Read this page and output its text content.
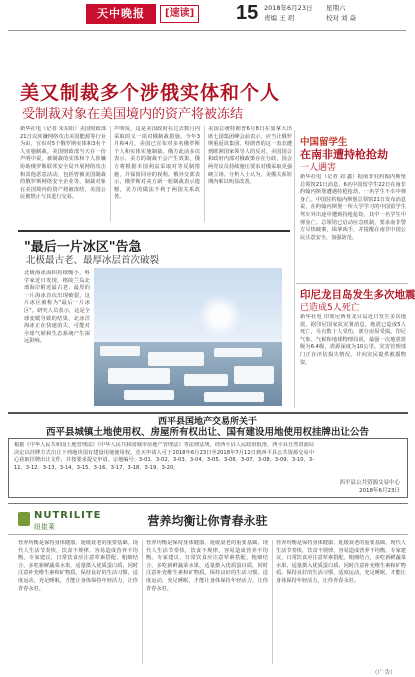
天中晚报	[速读] 15 2018年6月23日 星期六
责编 王 玥	校对 刘 焱
美又制裁多个涉俄实体和个人
受制裁对象在美国境内的资产将被冻结
新华社电（记者 朱东阳）美国财政部21日以涉嫌网络攻击美国能源等行业为由，宣布对5个俄罗斯实体和3名个人实施制裁。美国财政部当天在一份声明中说，被制裁的实体和个人涉嫌协助俄罗斯联邦安全局开展网络攻击和其他恶意活动，包括曾被美国制裁的俄罗斯网络安全企业等，制裁对象在美国境内的资产将被冻结，美国公民被禁止与其进行交易。
声明说，这是美国政府在过去数月内采取的又一项对俄制裁措施。今年3月和4月，美国已宣布对多名俄罗斯个人和实体实施制裁。俄方此前多次表示，美方的制裁不会产生效果，俄方将根据本国利益采取对等反制措施，并保留回应的权利。俄外交部表示，俄罗斯对美方新一轮制裁表示遗憾，美方的做法不利于两国关系改善。
美国总统特朗普6月8日在加拿大出席七国集团峰会前表示，应当让俄罗斯重返该集团。特朗普的这一表态遭到欧洲国家领导人的反对。美国国会和政府内部对俄政策存在分歧，国会两党议员持续施压要求对俄采取更强硬立场。分析人士认为，美俄关系短期内难以明显改善。
中国留学生
在南非遭持枪抢劫
一人遇害
新华社电（记者 刘 鑫）据南非驻约翰内斯堡总领馆21日消息，6名中国留学生22日在南非约翰内斯堡遭遇持枪抢劫，一名学生不幸中弹身亡。中国驻约翰内斯堡总领馆21日发布消息说，在约翰内斯堡一所大学学习的中国留学生驾车外出途中遭到持枪抢劫，其中一名学生中弹身亡。总领馆已启动应急机制，要求南非警方尽快破案，缉拿凶手，并提醒在南非中国公民注意安全，加强防范。
印尼龙目岛发生多次地震
已造成5人死亡
新华社电 印度尼西亚龙目岛近日发生多次地震，据印尼国家抗灾署消息，地震已造成5人死亡，另有数十人受伤，部分房屋受损。印尼气象、气候和地球物理局说，最强一次地震震级为6.4级，震源深度为10公里。灾害管理部门正在评估损失情况，并向灾民提供救援物资。
"最后一片冰区"告急
北极最古老、最厚冰层首次破裂
北极海冰面积持续缩小，科学家近日发现，格陵兰岛北部海岸附近最古老、最厚的一片海冰首次出现破裂，这片冰区被称为"最后一片冰区"。研究人员表示，这是全球变暖导致的结果，北冰洋海冰正在快速消失，可能对全球气候和生态系统产生深远影响。
西平县国地产交易所关于
西平县城镇土地使用权、房屋所有权出让、国有建设用地使用权挂牌出让公告
根据《中华人民共和国土地管理法》《中华人民共和国城市房地产管理法》等法律法规，经西平县人民政府批准，西平县自然资源局决定以挂牌方式出让下列地块国有建设用地使用权。竞买申请人可于2018年6月23日至2018年7月12日到西平县公共资源交易中心获取挂牌出让文件，并按要求提交申请。宗地编号：3-01、3-02、3-03、3-04、3-05、3-06、3-07、3-08、3-09、3-10、3-11、3-12、3-13、3-14、3-15、3-16、3-17、3-18、3-19、3-20。
西平县公共资源交易中心
2018年6月23日
NUTRILITE
纽崔莱	营养均衡让你青春永驻
营养均衡是保持身体健康、延缓衰老的重要基础。现代人生活节奏快，饮食不规律，容易造成营养不均衡。专家建议，日常饮食应注意荤素搭配、粗细结合，多吃新鲜蔬菜水果，适量摄入优质蛋白质，同时注意补充维生素和矿物质。保持良好的生活习惯，适度运动，充足睡眠，才能让身体保持年轻活力，让你青春永驻。
营养均衡是保持身体健康、延缓衰老的重要基础。现代人生活节奏快，饮食不规律，容易造成营养不均衡。专家建议，日常饮食应注意荤素搭配、粗细结合，多吃新鲜蔬菜水果，适量摄入优质蛋白质，同时注意补充维生素和矿物质。保持良好的生活习惯，适度运动，充足睡眠，才能让身体保持年轻活力，让你青春永驻。
营养均衡是保持身体健康、延缓衰老的重要基础。现代人生活节奏快，饮食不规律，容易造成营养不均衡。专家建议，日常饮食应注意荤素搭配、粗细结合，多吃新鲜蔬菜水果，适量摄入优质蛋白质，同时注意补充维生素和矿物质。保持良好的生活习惯，适度运动，充足睡眠，才能让身体保持年轻活力，让你青春永驻。
（广 告）
